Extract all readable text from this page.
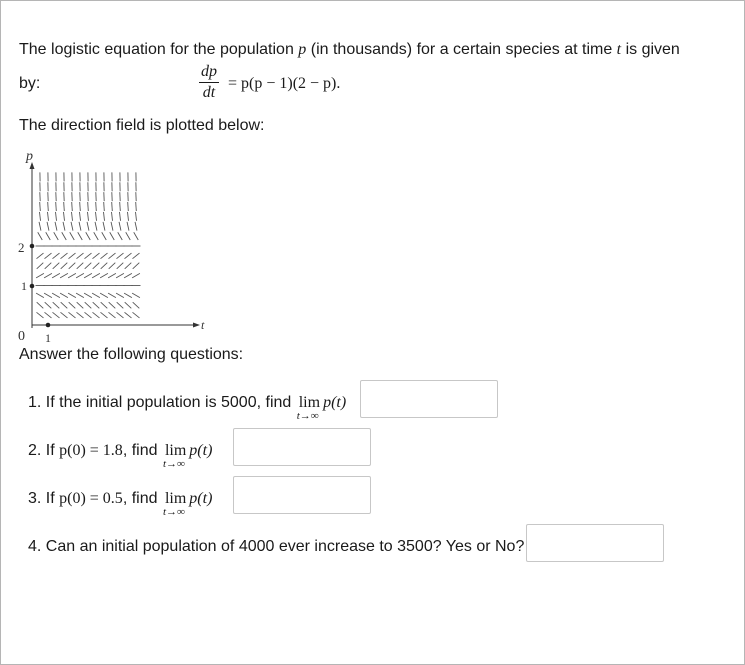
The logistic equation for the population p (in thousands) for a certain species at time t is given
by:
dp
dt
= p(p − 1)(2 − p).
The direction field is plotted below:
p
t
0 1
2
1
Answer the following questions:
1. If the initial population is 5000, find lim
t→∞
p(t)
2. If p(0) = 1.8, find lim
t→∞
p(t)
3. If p(0) = 0.5, find lim
t→∞
p(t)
4. Can an initial population of 4000 ever increase to 3500? Yes or No?
